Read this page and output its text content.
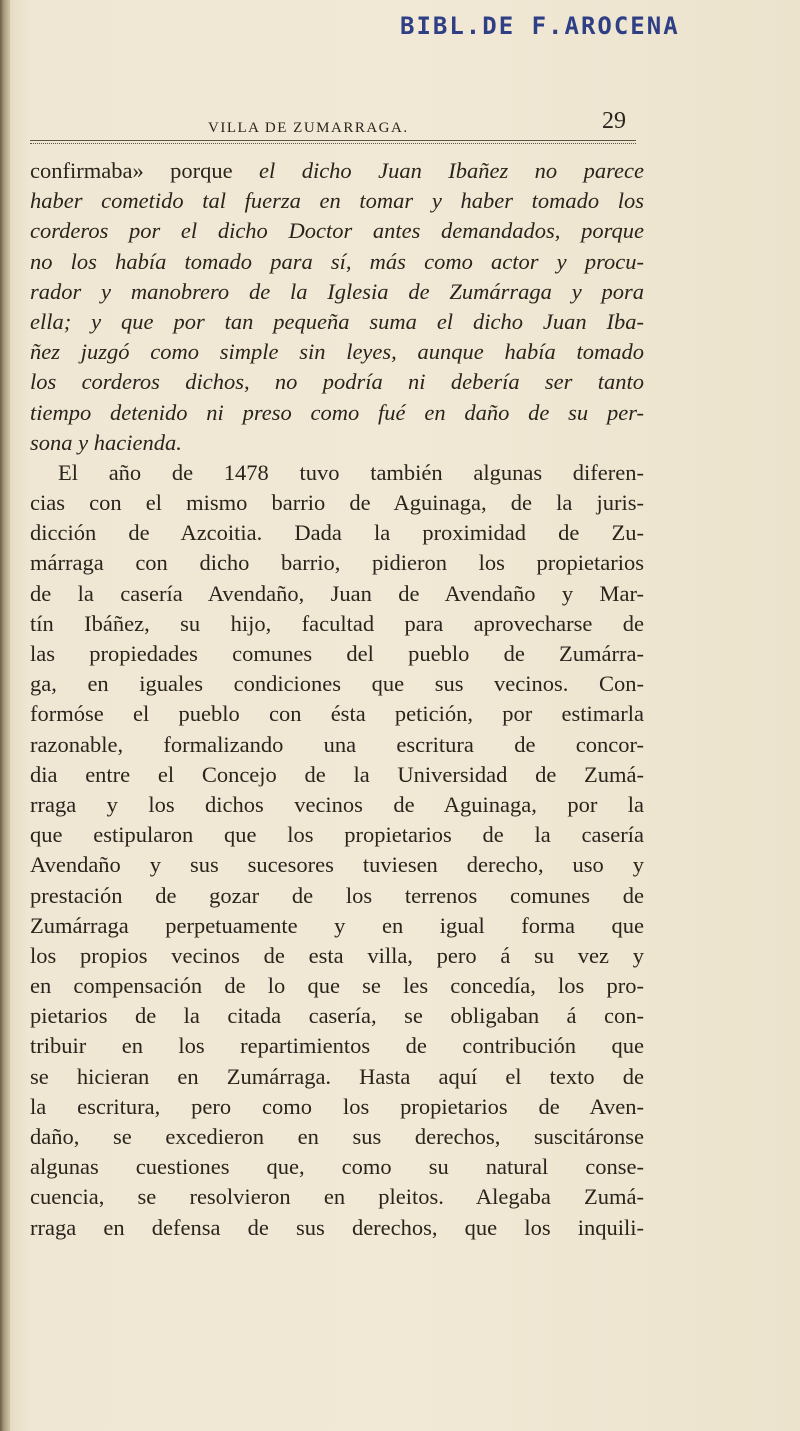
BIBL.DE F.AROCENA
VILLA DE ZUMARRAGA.	29
confirmaba» porque el dicho Juan Ibañez no parece
haber cometido tal fuerza en tomar y haber tomado los
corderos por el dicho Doctor antes demandados, porque
no los había tomado para sí, más como actor y procu-
rador y manobrero de la Iglesia de Zumárraga y pora
ella; y que por tan pequeña suma el dicho Juan Iba-
ñez juzgó como simple sin leyes, aunque había tomado
los corderos dichos, no podría ni debería ser tanto
tiempo detenido ni preso como fué en daño de su per-
sona y hacienda.
El año de 1478 tuvo también algunas diferen-
cias con el mismo barrio de Aguinaga, de la juris-
dicción de Azcoitia. Dada la proximidad de Zu-
márraga con dicho barrio, pidieron los propietarios
de la casería Avendaño, Juan de Avendaño y Mar-
tín Ibáñez, su hijo, facultad para aprovecharse de
las propiedades comunes del pueblo de Zumárra-
ga, en iguales condiciones que sus vecinos. Con-
formóse el pueblo con ésta petición, por estimarla
razonable, formalizando una escritura de concor-
dia entre el Concejo de la Universidad de Zumá-
rraga y los dichos vecinos de Aguinaga, por la
que estipularon que los propietarios de la casería
Avendaño y sus sucesores tuviesen derecho, uso y
prestación de gozar de los terrenos comunes de
Zumárraga perpetuamente y en igual forma que
los propios vecinos de esta villa, pero á su vez y
en compensación de lo que se les concedía, los pro-
pietarios de la citada casería, se obligaban á con-
tribuir en los repartimientos de contribución que
se hicieran en Zumárraga. Hasta aquí el texto de
la escritura, pero como los propietarios de Aven-
daño, se excedieron en sus derechos, suscitáronse
algunas cuestiones que, como su natural conse-
cuencia, se resolvieron en pleitos. Alegaba Zumá-
rraga en defensa de sus derechos, que los inquili-
